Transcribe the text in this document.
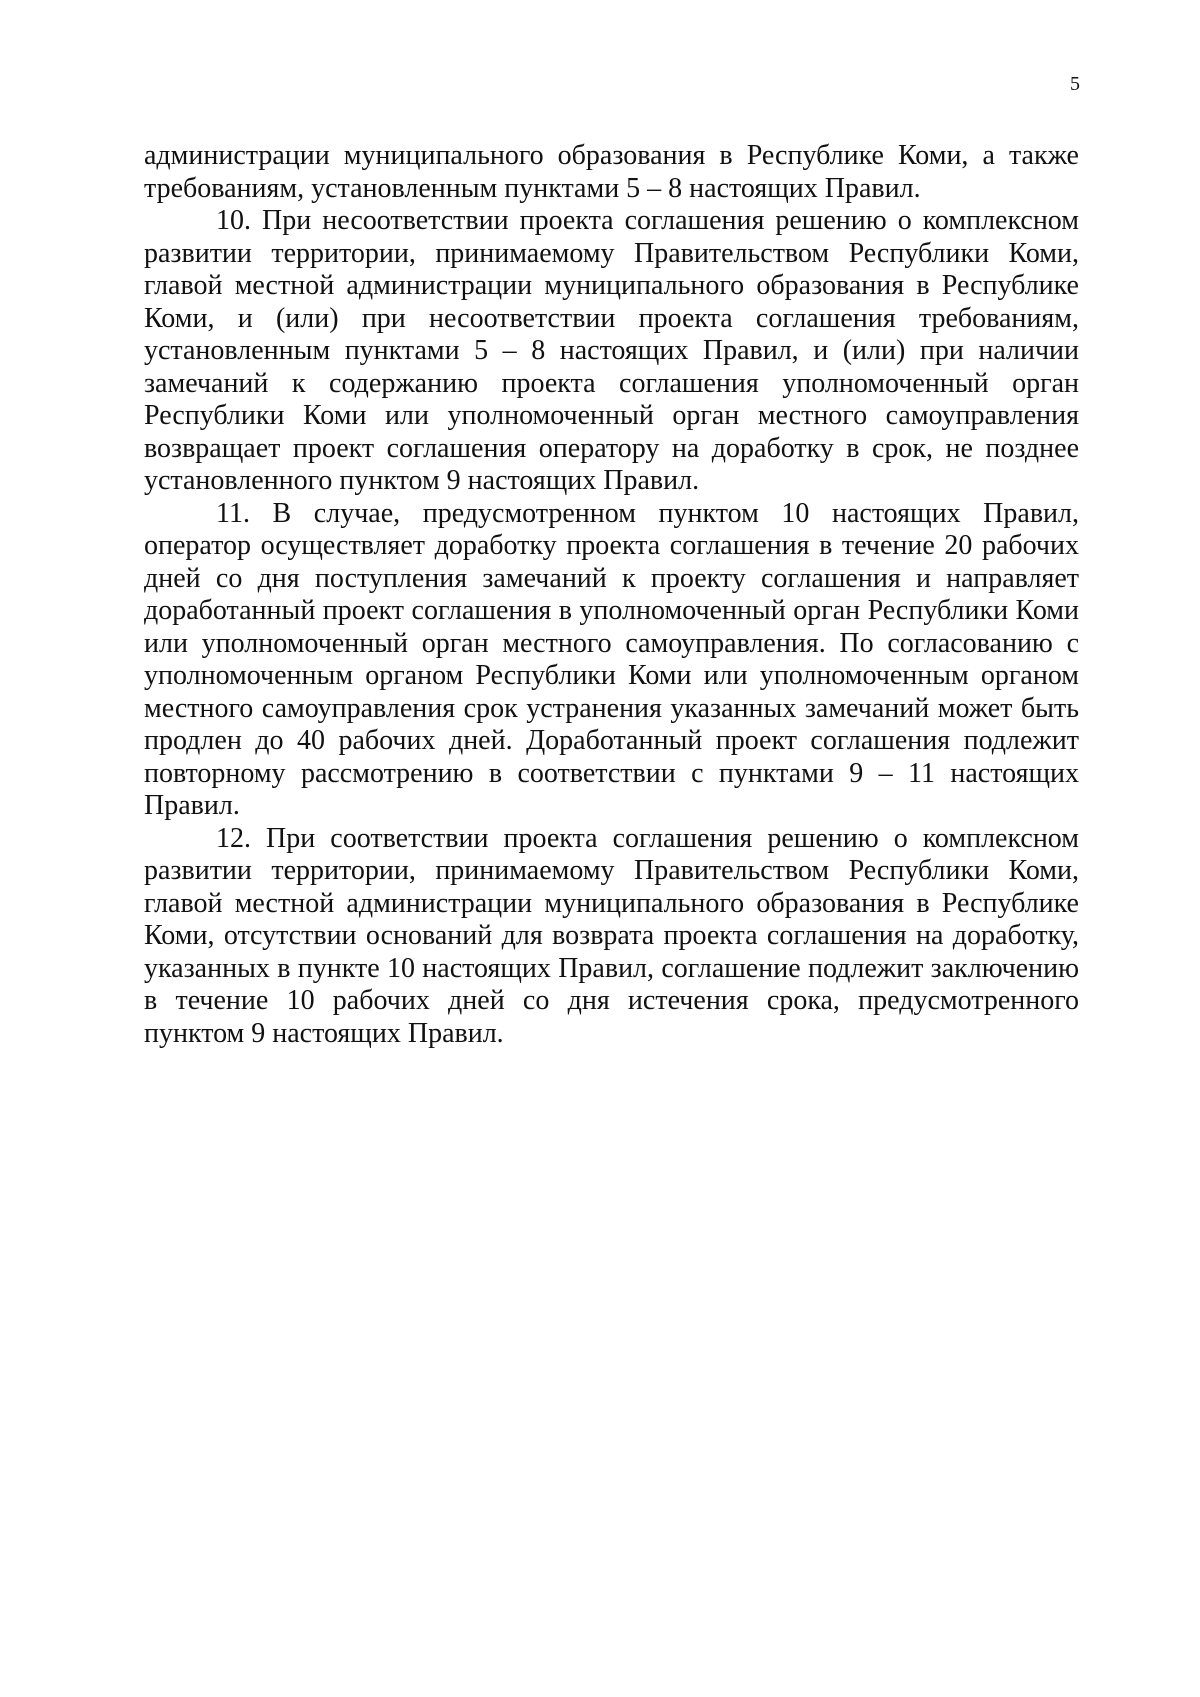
5

администрации муниципального образования в Республике Коми, а также требованиям, установленным пунктами 5 – 8 настоящих Правил.

10. При несоответствии проекта соглашения решению о комплексном развитии территории, принимаемому Правительством Республики Коми, главой местной администрации муниципального образования в Республике Коми, и (или) при несоответствии проекта соглашения требованиям, установленным пунктами 5 – 8 настоящих Правил, и (или) при наличии замечаний к содержанию проекта соглашения уполномоченный орган Республики Коми или уполномоченный орган местного самоуправления возвращает проект соглашения оператору на доработку в срок, не позднее установленного пунктом 9 настоящих Правил.

11. В случае, предусмотренном пунктом 10 настоящих Правил, оператор осуществляет доработку проекта соглашения в течение 20 рабочих дней со дня поступления замечаний к проекту соглашения и направляет доработанный проект соглашения в уполномоченный орган Республики Коми или уполномоченный орган местного самоуправления. По согласованию с уполномоченным органом Республики Коми или уполномоченным органом местного самоуправления срок устранения указанных замечаний может быть продлен до 40 рабочих дней. Доработанный проект соглашения подлежит повторному рассмотрению в соответствии с пунктами 9 – 11 настоящих Правил.

12. При соответствии проекта соглашения решению о комплексном развитии территории, принимаемому Правительством Республики Коми, главой местной администрации муниципального образования в Республике Коми, отсутствии оснований для возврата проекта соглашения на доработку, указанных в пункте 10 настоящих Правил, соглашение подлежит заключению в течение 10 рабочих дней со дня истечения срока, предусмотренного пунктом 9 настоящих Правил.
